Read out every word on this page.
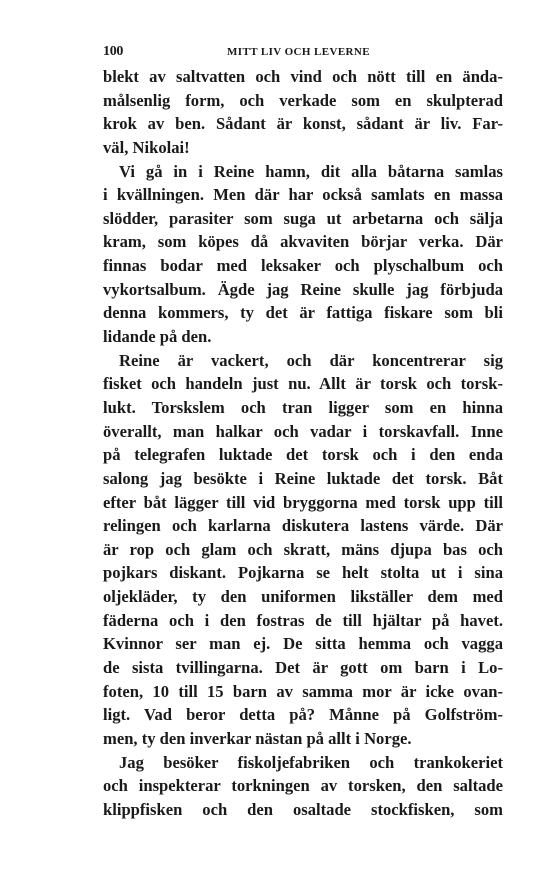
100	MITT LIV OCH LEVERNE
blekt av saltvatten och vind och nött till en ända-
målsenlig form, och verkade som en skulpterad
krok av ben. Sådant är konst, sådant är liv. Far-
väl, Nikolai!
Vi gå in i Reine hamn, dit alla båtarna samlas
i kvällningen. Men där har också samlats en massa
slödder, parasiter som suga ut arbetarna och sälja
kram, som köpes då akvaviten börjar verka. Där
finnas bodar med leksaker och plyschalbum och
vykortsalbum. Ägde jag Reine skulle jag förbjuda
denna kommers, ty det är fattiga fiskare som bli
lidande på den.
Reine är vackert, och där koncentrerar sig
fisket och handeln just nu. Allt är torsk och torsk-
lukt. Torskslem och tran ligger som en hinna
överallt, man halkar och vadar i torskavfall. Inne
på telegrafen luktade det torsk och i den enda
salong jag besökte i Reine luktade det torsk. Båt
efter båt lägger till vid bryggorna med torsk upp till
relingen och karlarna diskutera lastens värde. Där
är rop och glam och skratt, mäns djupa bas och
pojkars diskant. Pojkarna se helt stolta ut i sina
oljekläder, ty den uniformen likställer dem med
fäderna och i den fostras de till hjältar på havet.
Kvinnor ser man ej. De sitta hemma och vagga
de sista tvillingarna. Det är gott om barn i Lo-
foten, 10 till 15 barn av samma mor är icke ovan-
ligt. Vad beror detta på? Månne på Golfström-
men, ty den inverkar nästan på allt i Norge.
Jag besöker fiskoljefabriken och trankokeriet
och inspekterar torkningen av torsken, den saltade
klippfisken och den osaltade stockfisken, som
